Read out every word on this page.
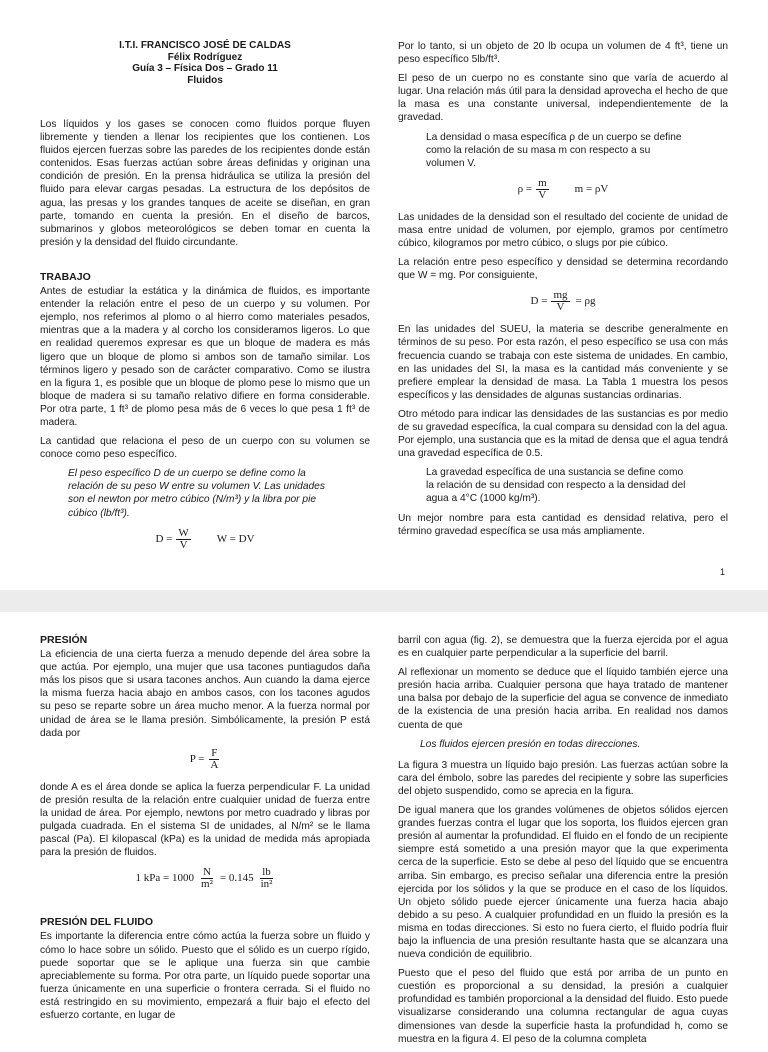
I.T.I. FRANCISCO JOSÉ DE CALDAS
Félix Rodríguez
Guía 3 – Física Dos – Grado 11
Fluidos

Los líquidos y los gases se conocen como fluidos porque fluyen libremente y tienden a llenar los recipientes que los contienen. Los fluidos ejercen fuerzas sobre las paredes de los recipientes donde están contenidos. Esas fuerzas actúan sobre áreas definidas y originan una condición de presión. En la prensa hidráulica se utiliza la presión del fluido para elevar cargas pesadas. La estructura de los depósitos de agua, las presas y los grandes tanques de aceite se diseñan, en gran parte, tomando en cuenta la presión. En el diseño de barcos, submarinos y globos meteorológicos se deben tomar en cuenta la presión y la densidad del fluido circundante.

TRABAJO

Antes de estudiar la estática y la dinámica de fluidos, es importante entender la relación entre el peso de un cuerpo y su volumen. Por ejemplo, nos referimos al plomo o al hierro como materiales pesados, mientras que a la madera y al corcho los consideramos ligeros. Lo que en realidad queremos expresar es que un bloque de madera es más ligero que un bloque de plomo si ambos son de tamaño similar. Los términos ligero y pesado son de carácter comparativo. Como se ilustra en la figura 1, es posible que un bloque de plomo pese lo mismo que un bloque de madera si su tamaño relativo difiere en forma considerable. Por otra parte, 1 ft³ de plomo pesa más de 6 veces lo que pesa 1 ft³ de madera.

La cantidad que relaciona el peso de un cuerpo con su volumen se conoce como peso específico.

El peso específico D de un cuerpo se define como la relación de su peso W entre su volumen V. Las unidades son el newton por metro cúbico (N/m³) y la libra por pie cúbico (lb/ft³).

$D = \frac{W}{V}$ W = DV

Por lo tanto, si un objeto de 20 lb ocupa un volumen de 4 ft³, tiene un peso específico 5lb/ft³.

El peso de un cuerpo no es constante sino que varía de acuerdo al lugar. Una relación más útil para la densidad aprovecha el hecho de que la masa es una constante universal, independientemente de la gravedad.

La densidad o masa específica ρ de un cuerpo se define como la relación de su masa m con respecto a su volumen V.

$\rho = \frac{m}{V}$ m = ρV

Las unidades de la densidad son el resultado del cociente de unidad de masa entre unidad de volumen, por ejemplo, gramos por centímetro cúbico, kilogramos por metro cúbico, o slugs por pie cúbico.

La relación entre peso específico y densidad se determina recordando que W = mg. Por consiguiente,

$D = \frac{mg}{V} = \rho g$

En las unidades del SUEU, la materia se describe generalmente en términos de su peso. Por esta razón, el peso específico se usa con más frecuencia cuando se trabaja con este sistema de unidades. En cambio, en las unidades del SI, la masa es la cantidad más conveniente y se prefiere emplear la densidad de masa. La Tabla 1 muestra los pesos específicos y las densidades de algunas sustancias ordinarias.

Otro método para indicar las densidades de las sustancias es por medio de su gravedad específica, la cual compara su densidad con la del agua. Por ejemplo, una sustancia que es la mitad de densa que el agua tendrá una gravedad específica de 0.5.

La gravedad específica de una sustancia se define como la relación de su densidad con respecto a la densidad del agua a 4°C (1000 kg/m³).

Un mejor nombre para esta cantidad es densidad relativa, pero el término gravedad específica se usa más ampliamente.

1
PRESIÓN

La eficiencia de una cierta fuerza a menudo depende del área sobre la que actúa. Por ejemplo, una mujer que usa tacones puntiagudos daña más los pisos que si usara tacones anchos. Aun cuando la dama ejerce la misma fuerza hacia abajo en ambos casos, con los tacones agudos su peso se reparte sobre un área mucho menor. A la fuerza normal por unidad de área se le llama presión. Simbólicamente, la presión P está dada por

$P = \frac{F}{A}$

donde A es el área donde se aplica la fuerza perpendicular F. La unidad de presión resulta de la relación entre cualquier unidad de fuerza entre la unidad de área. Por ejemplo, newtons por metro cuadrado y libras por pulgada cuadrada. En el sistema SI de unidades, al N/m² se le llama pascal (Pa). El kilopascal (kPa) es la unidad de medida más apropiada para la presión de fluidos.

1 kPa = $1000 \frac{N}{\text{m²}} = 0.145 \frac{lb}{\text{in²}}$
PRESIÓN DEL FLUIDO

Es importante la diferencia entre cómo actúa la fuerza sobre un fluido y cómo lo hace sobre un sólido. Puesto que el sólido es un cuerpo rígido, puede soportar que se le aplique una fuerza sin que cambie apreciablemente su forma. Por otra parte, un líquido puede soportar una fuerza únicamente en una superficie o frontera cerrada. Si el fluido no está restringido en su movimiento, empezará a fluir bajo el efecto del esfuerzo cortante, en lugar de

barril con agua (fig. 2), se demuestra que la fuerza ejercida por el agua es en cualquier parte perpendicular a la superficie del barril.

Al reflexionar un momento se deduce que el líquido también ejerce una presión hacia arriba. Cualquier persona que haya tratado de mantener una balsa por debajo de la superficie del agua se convence de inmediato de la existencia de una presión hacia arriba. En realidad nos damos cuenta de que

Los fluidos ejercen presión en todas direcciones.

La figura 3 muestra un líquido bajo presión. Las fuerzas actúan sobre la cara del émbolo, sobre las paredes del recipiente y sobre las superficies del objeto suspendido, como se aprecia en la figura.

De igual manera que los grandes volúmenes de objetos sólidos ejercen grandes fuerzas contra el lugar que los soporta, los fluidos ejercen gran presión al aumentar la profundidad. El fluido en el fondo de un recipiente siempre está sometido a una presión mayor que la que experimenta cerca de la superficie. Esto se debe al peso del líquido que se encuentra arriba. Sin embargo, es preciso señalar una diferencia entre la presión ejercida por los sólidos y la que se produce en el caso de los líquidos. Un objeto sólido puede ejercer únicamente una fuerza hacia abajo debido a su peso. A cualquier profundidad en un fluido la presión es la misma en todas direcciones. Si esto no fuera cierto, el fluido podría fluir bajo la influencia de una presión resultante hasta que se alcanzara una nueva condición de equilibrio.

Puesto que el peso del fluido que está por arriba de un punto en cuestión es proporcional a su densidad, la presión a cualquier profundidad es también proporcional a la densidad del fluido. Esto puede visualizarse considerando una columna rectangular de agua cuyas dimensiones van desde la superficie hasta la profundidad h, como se muestra en la figura 4. El peso de la columna completa
